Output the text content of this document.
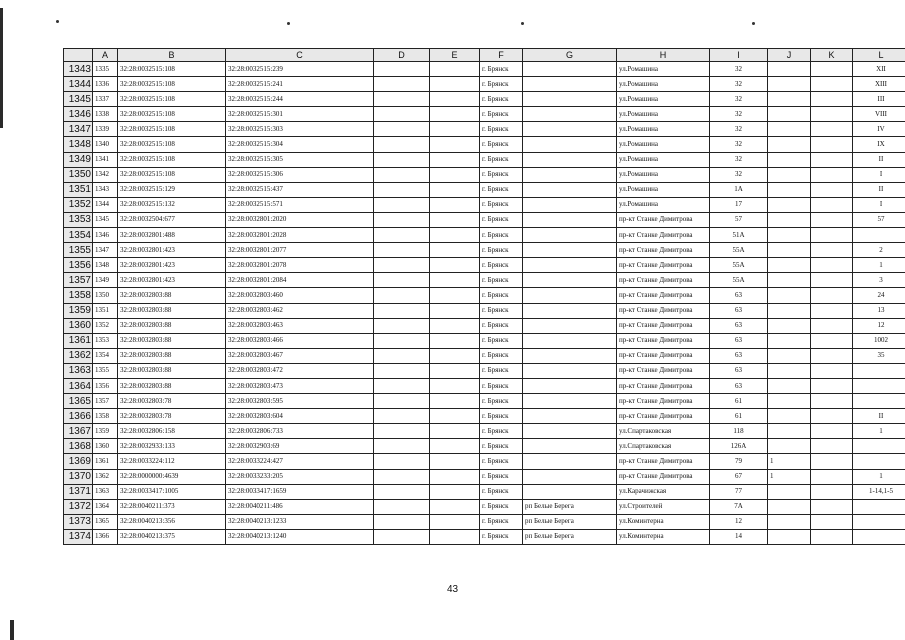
	A	B	C	D	E	F	G	H	I	J	K	L
1343	1335	32:28:0032515:108	32:28:0032515:239			г. Брянск		ул.Ромашина	32			XII
1344	1336	32:28:0032515:108	32:28:0032515:241			г. Брянск		ул.Ромашина	32			XIII
1345	1337	32:28:0032515:108	32:28:0032515:244			г. Брянск		ул.Ромашина	32			III
1346	1338	32:28:0032515:108	32:28:0032515:301			г. Брянск		ул.Ромашина	32			VIII
1347	1339	32:28:0032515:108	32:28:0032515:303			г. Брянск		ул.Ромашина	32			IV
1348	1340	32:28:0032515:108	32:28:0032515:304			г. Брянск		ул.Ромашина	32			IX
1349	1341	32:28:0032515:108	32:28:0032515:305			г. Брянск		ул.Ромашина	32			II
1350	1342	32:28:0032515:108	32:28:0032515:306			г. Брянск		ул.Ромашина	32			I
1351	1343	32:28:0032515:129	32:28:0032515:437			г. Брянск		ул.Ромашина	1А			II
1352	1344	32:28:0032515:132	32:28:0032515:571			г. Брянск		ул.Ромашина	17			I
1353	1345	32:28:0032504:677	32:28:0032801:2020			г. Брянск		пр-кт Станке Димитрова	57			57
1354	1346	32:28:0032801:488	32:28:0032801:2028			г. Брянск		пр-кт Станке Димитрова	51А			
1355	1347	32:28:0032801:423	32:28:0032801:2077			г. Брянск		пр-кт Станке Димитрова	55А			2
1356	1348	32:28:0032801:423	32:28:0032801:2078			г. Брянск		пр-кт Станке Димитрова	55А			1
1357	1349	32:28:0032801:423	32:28:0032801:2084			г. Брянск		пр-кт Станке Димитрова	55А			3
1358	1350	32:28:0032803:88	32:28:0032803:460			г. Брянск		пр-кт Станке Димитрова	63			24
1359	1351	32:28:0032803:88	32:28:0032803:462			г. Брянск		пр-кт Станке Димитрова	63			13
1360	1352	32:28:0032803:88	32:28:0032803:463			г. Брянск		пр-кт Станке Димитрова	63			12
1361	1353	32:28:0032803:88	32:28:0032803:466			г. Брянск		пр-кт Станке Димитрова	63			1002
1362	1354	32:28:0032803:88	32:28:0032803:467			г. Брянск		пр-кт Станке Димитрова	63			35
1363	1355	32:28:0032803:88	32:28:0032803:472			г. Брянск		пр-кт Станке Димитрова	63			
1364	1356	32:28:0032803:88	32:28:0032803:473			г. Брянск		пр-кт Станке Димитрова	63			
1365	1357	32:28:0032803:78	32:28:0032803:595			г. Брянск		пр-кт Станке Димитрова	61			
1366	1358	32:28:0032803:78	32:28:0032803:604			г. Брянск		пр-кт Станке Димитрова	61			II
1367	1359	32:28:0032806:158	32:28:0032806:733			г. Брянск		ул.Спартаковская	118			1
1368	1360	32:28:0032933:133	32:28:0032903:69			г. Брянск		ул.Спартаковская	126А			
1369	1361	32:28:0033224:112	32:28:0033224:427			г. Брянск		пр-кт Станке Димитрова	79	1		
1370	1362	32:28:0000000:4639	32:28:0033233:205			г. Брянск		пр-кт Станке Димитрова	67	1		1
1371	1363	32:28:0033417:1005	32:28:0033417:1659			г. Брянск		ул.Карачижская	77			1-14,1-5
1372	1364	32:28:0040211:373	32:28:0040211:486			г. Брянск	рп Белые Берега	ул.Строителей	7А			
1373	1365	32:28:0040213:356	32:28:0040213:1233			г. Брянск	рп Белые Берега	ул.Коминтерна	12			
1374	1366	32:28:0040213:375	32:28:0040213:1240			г. Брянск	рп Белые Берега	ул.Коминтерна	14			
43
